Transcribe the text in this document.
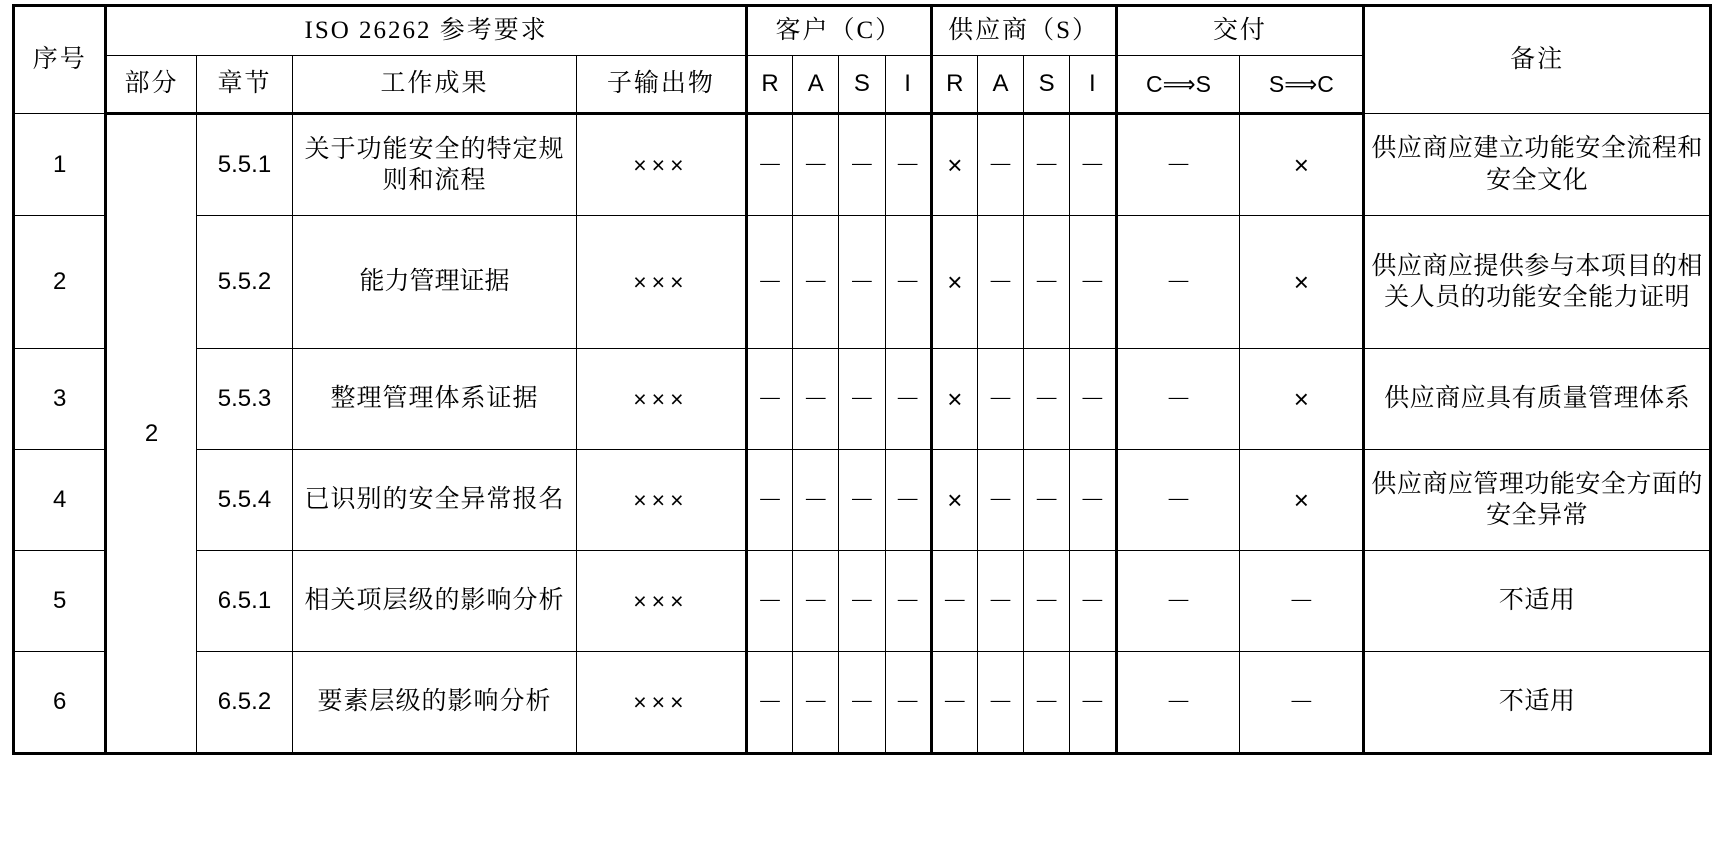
序号	ISO 26262 参考要求				客户（C）				供应商（S）				交付		备注
	部分	章节	工作成果	子输出物	R	A	S	I	R	A	S	I	C⟹S	S⟹C	
1	2	5.5.1	关于功能安全的特定规则和流程	×××	－	－	－	－	×	－	－	－	－	×	供应商应建立功能安全流程和安全文化
2		5.5.2	能力管理证据	×××	－	－	－	－	×	－	－	－	－	×	供应商应提供参与本项目的相关人员的功能安全能力证明
3		5.5.3	整理管理体系证据	×××	－	－	－	－	×	－	－	－	－	×	供应商应具有质量管理体系
4		5.5.4	已识别的安全异常报名	×××	－	－	－	－	×	－	－	－	－	×	供应商应管理功能安全方面的安全异常
5		6.5.1	相关项层级的影响分析	×××	－	－	－	－	－	－	－	－	－	－	不适用
6		6.5.2	要素层级的影响分析	×××	－	－	－	－	－	－	－	－	－	－	不适用
